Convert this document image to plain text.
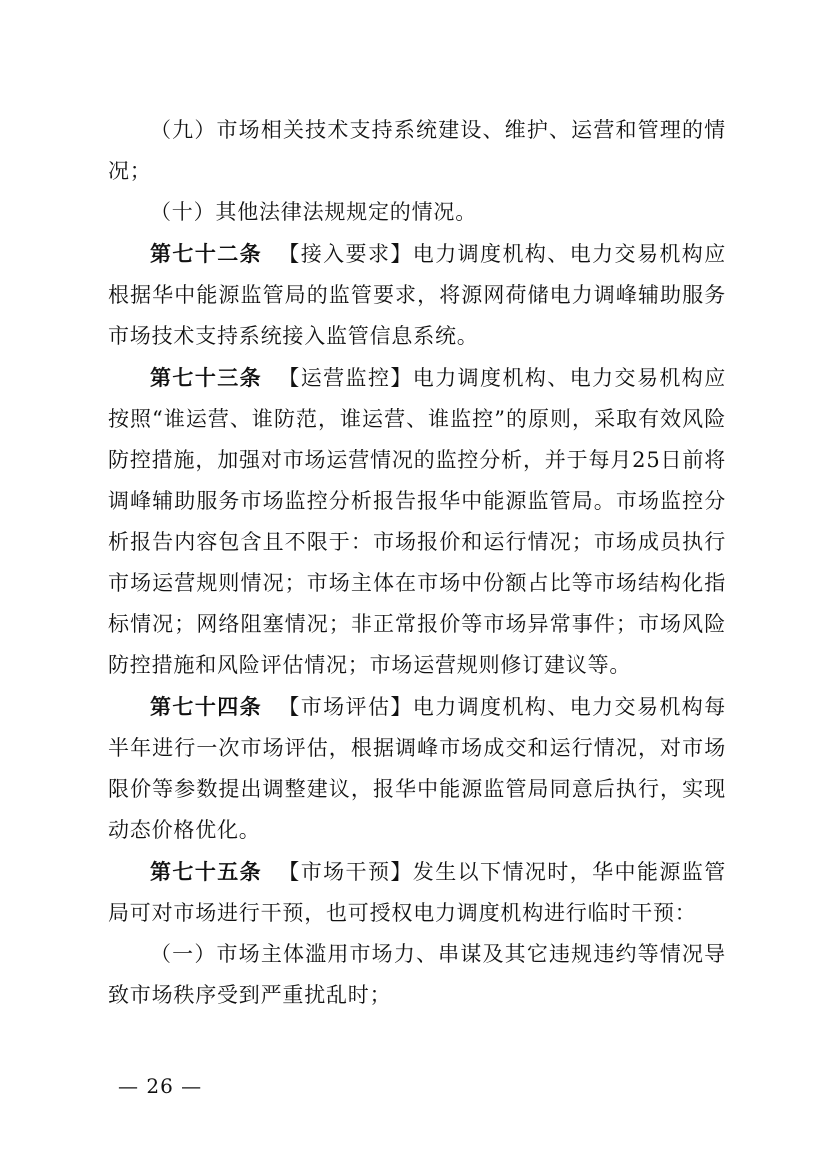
（九）市场相关技术支持系统建设、维护、运营和管理的情况；

（十）其他法律法规规定的情况。

第七十二条 【接入要求】电力调度机构、电力交易机构应根据华中能源监管局的监管要求，将源网荷储电力调峰辅助服务市场技术支持系统接入监管信息系统。

第七十三条 【运营监控】电力调度机构、电力交易机构应按照“谁运营、谁防范，谁运营、谁监控”的原则，采取有效风险防控措施，加强对市场运营情况的监控分析，并于每月25日前将调峰辅助服务市场监控分析报告报华中能源监管局。市场监控分析报告内容包含且不限于：市场报价和运行情况；市场成员执行市场运营规则情况；市场主体在市场中份额占比等市场结构化指标情况；网络阻塞情况；非正常报价等市场异常事件；市场风险防控措施和风险评估情况；市场运营规则修订建议等。

第七十四条 【市场评估】电力调度机构、电力交易机构每半年进行一次市场评估，根据调峰市场成交和运行情况，对市场限价等参数提出调整建议，报华中能源监管局同意后执行，实现动态价格优化。

第七十五条 【市场干预】发生以下情况时，华中能源监管局可对市场进行干预，也可授权电力调度机构进行临时干预：

（一）市场主体滥用市场力、串谋及其它违规违约等情况导致市场秩序受到严重扰乱时；

— 26 —
